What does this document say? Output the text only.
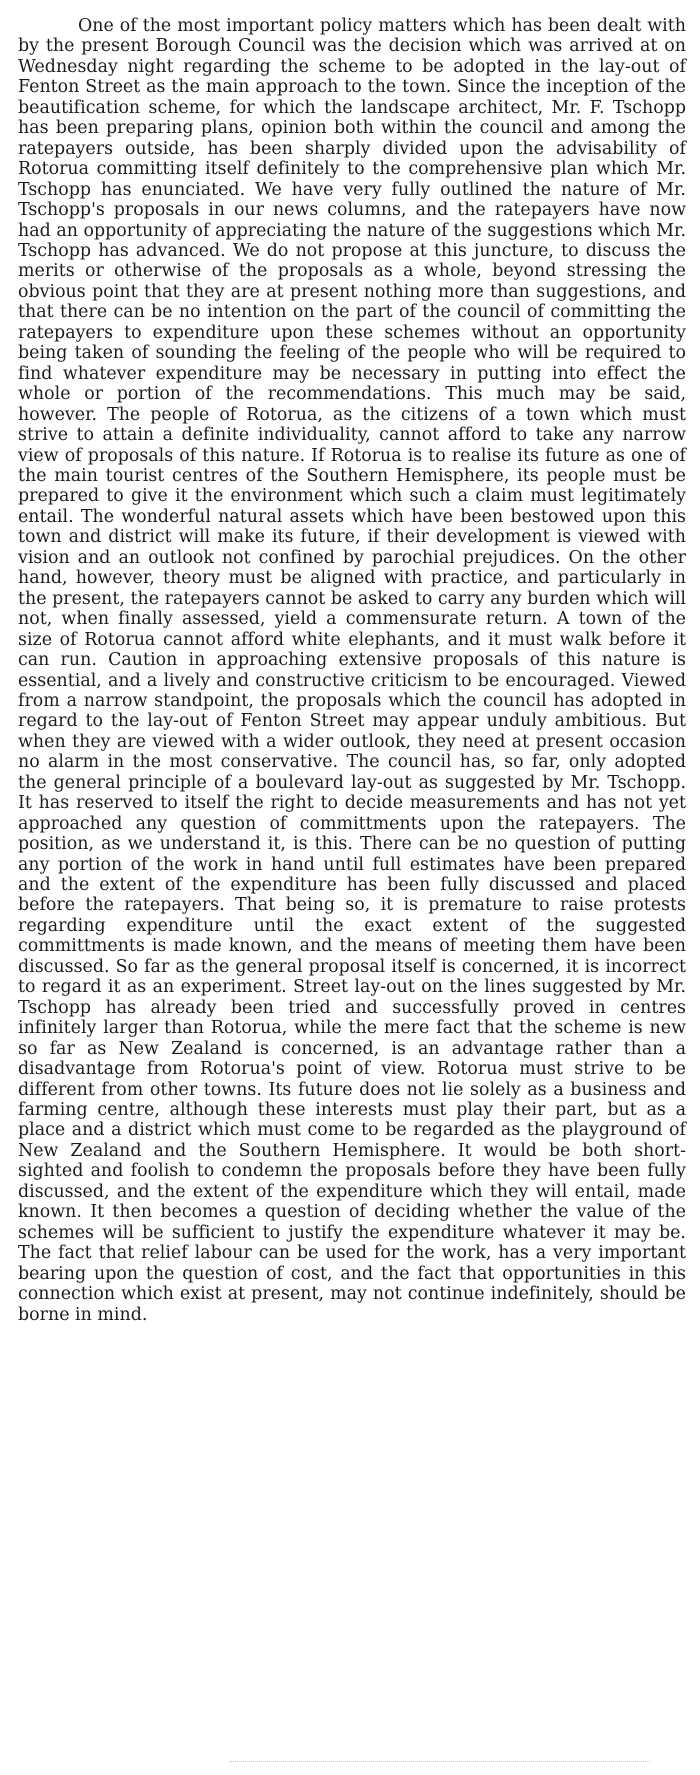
One of the most important policy matters which has been dealt with by the present Borough Council was the decision which was arrived at on Wednesday night regarding the scheme to be adopted in the lay-out of Fenton Street as the main approach to the town. Since the inception of the beautification scheme, for which the landscape architect, Mr. F. Tschopp has been preparing plans, opinion both within the council and among the ratepayers outside, has been sharply divided upon the advisability of Rotorua committing itself definitely to the comprehensive plan which Mr. Tschopp has enunciated. We have very fully outlined the nature of Mr. Tschopp's proposals in our news columns, and the ratepayers have now had an opportunity of appreciating the nature of the suggestions which Mr. Tschopp has advanced. We do not propose at this juncture, to discuss the merits or otherwise of the proposals as a whole, beyond stressing the obvious point that they are at present nothing more than suggestions, and that there can be no intention on the part of the council of committing the ratepayers to expenditure upon these schemes without an opportunity being taken of sounding the feeling of the people who will be required to find whatever expenditure may be necessary in putting into effect the whole or portion of the recommendations. This much may be said, however. The people of Rotorua, as the citizens of a town which must strive to attain a definite individuality, cannot afford to take any narrow view of proposals of this nature. If Rotorua is to realise its future as one of the main tourist centres of the Southern Hemisphere, its people must be prepared to give it the environment which such a claim must legitimately entail. The wonderful natural assets which have been bestowed upon this town and district will make its future, if their development is viewed with vision and an outlook not confined by parochial prejudices. On the other hand, however, theory must be aligned with practice, and particularly in the present, the ratepayers cannot be asked to carry any burden which will not, when finally assessed, yield a commensurate return. A town of the size of Rotorua cannot afford white elephants, and it must walk before it can run. Caution in approaching extensive proposals of this nature is essential, and a lively and constructive criticism to be encouraged. Viewed from a narrow standpoint, the proposals which the council has adopted in regard to the lay-out of Fenton Street may appear unduly ambitious. But when they are viewed with a wider outlook, they need at present occasion no alarm in the most conservative. The council has, so far, only adopted the general principle of a boulevard lay-out as suggested by Mr. Tschopp. It has reserved to itself the right to decide measurements and has not yet approached any question of committments upon the ratepayers. The position, as we understand it, is this. There can be no question of putting any portion of the work in hand until full estimates have been prepared and the extent of the expenditure has been fully discussed and placed before the ratepayers. That being so, it is premature to raise protests regarding expenditure until the exact extent of the suggested committments is made known, and the means of meeting them have been discussed. So far as the general proposal itself is concerned, it is incorrect to regard it as an experiment. Street lay-out on the lines suggested by Mr. Tschopp has already been tried and successfully proved in centres infinitely larger than Rotorua, while the mere fact that the scheme is new so far as New Zealand is concerned, is an advantage rather than a disadvantage from Rotorua's point of view. Rotorua must strive to be different from other towns. Its future does not lie solely as a business and farming centre, although these interests must play their part, but as a place and a district which must come to be regarded as the playground of New Zealand and the Southern Hemisphere. It would be both short-sighted and foolish to condemn the proposals before they have been fully discussed, and the extent of the expenditure which they will entail, made known. It then becomes a question of deciding whether the value of the schemes will be sufficient to justify the expenditure whatever it may be. The fact that relief labour can be used for the work, has a very important bearing upon the question of cost, and the fact that opportunities in this connection which exist at present, may not continue indefinitely, should be borne in mind.
